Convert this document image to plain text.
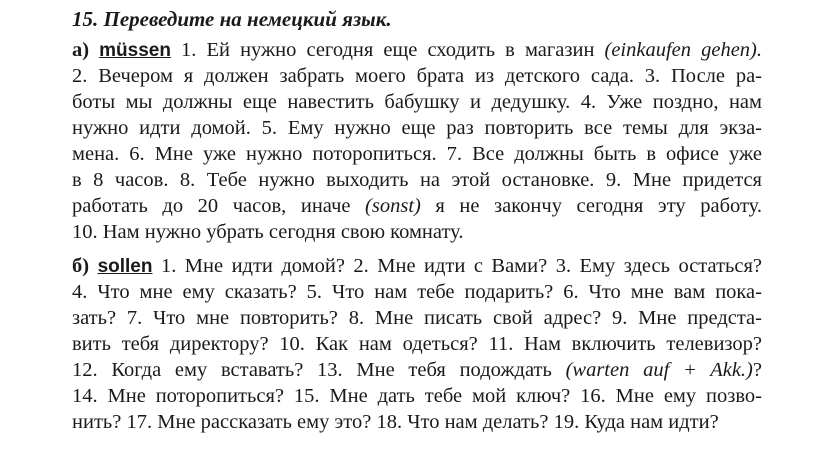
15. Переведите на немецкий язык.
а) müssen 1. Ей нужно сегодня еще сходить в магазин (einkaufen gehen).
2. Вечером я должен забрать моего брата из детского сада. 3. После ра-
боты мы должны еще навестить бабушку и дедушку. 4. Уже поздно, нам
нужно идти домой. 5. Ему нужно еще раз повторить все темы для экза-
мена. 6. Мне уже нужно поторопиться. 7. Все должны быть в офисе уже
в 8 часов. 8. Тебе нужно выходить на этой остановке. 9. Мне придется
работать до 20 часов, иначе (sonst) я не закончу сегодня эту работу.
10. Нам нужно убрать сегодня свою комнату.
б) sollen 1. Мне идти домой? 2. Мне идти с Вами? 3. Ему здесь остаться?
4. Что мне ему сказать? 5. Что нам тебе подарить? 6. Что мне вам пока-
зать? 7. Что мне повторить? 8. Мне писать свой адрес? 9. Мне предста-
вить тебя директору? 10. Как нам одеться? 11. Нам включить телевизор?
12. Когда ему вставать? 13. Мне тебя подождать (warten auf + Akk.)?
14. Мне поторопиться? 15. Мне дать тебе мой ключ? 16. Мне ему позво-
нить? 17. Мне рассказать ему это? 18. Что нам делать? 19. Куда нам идти?
